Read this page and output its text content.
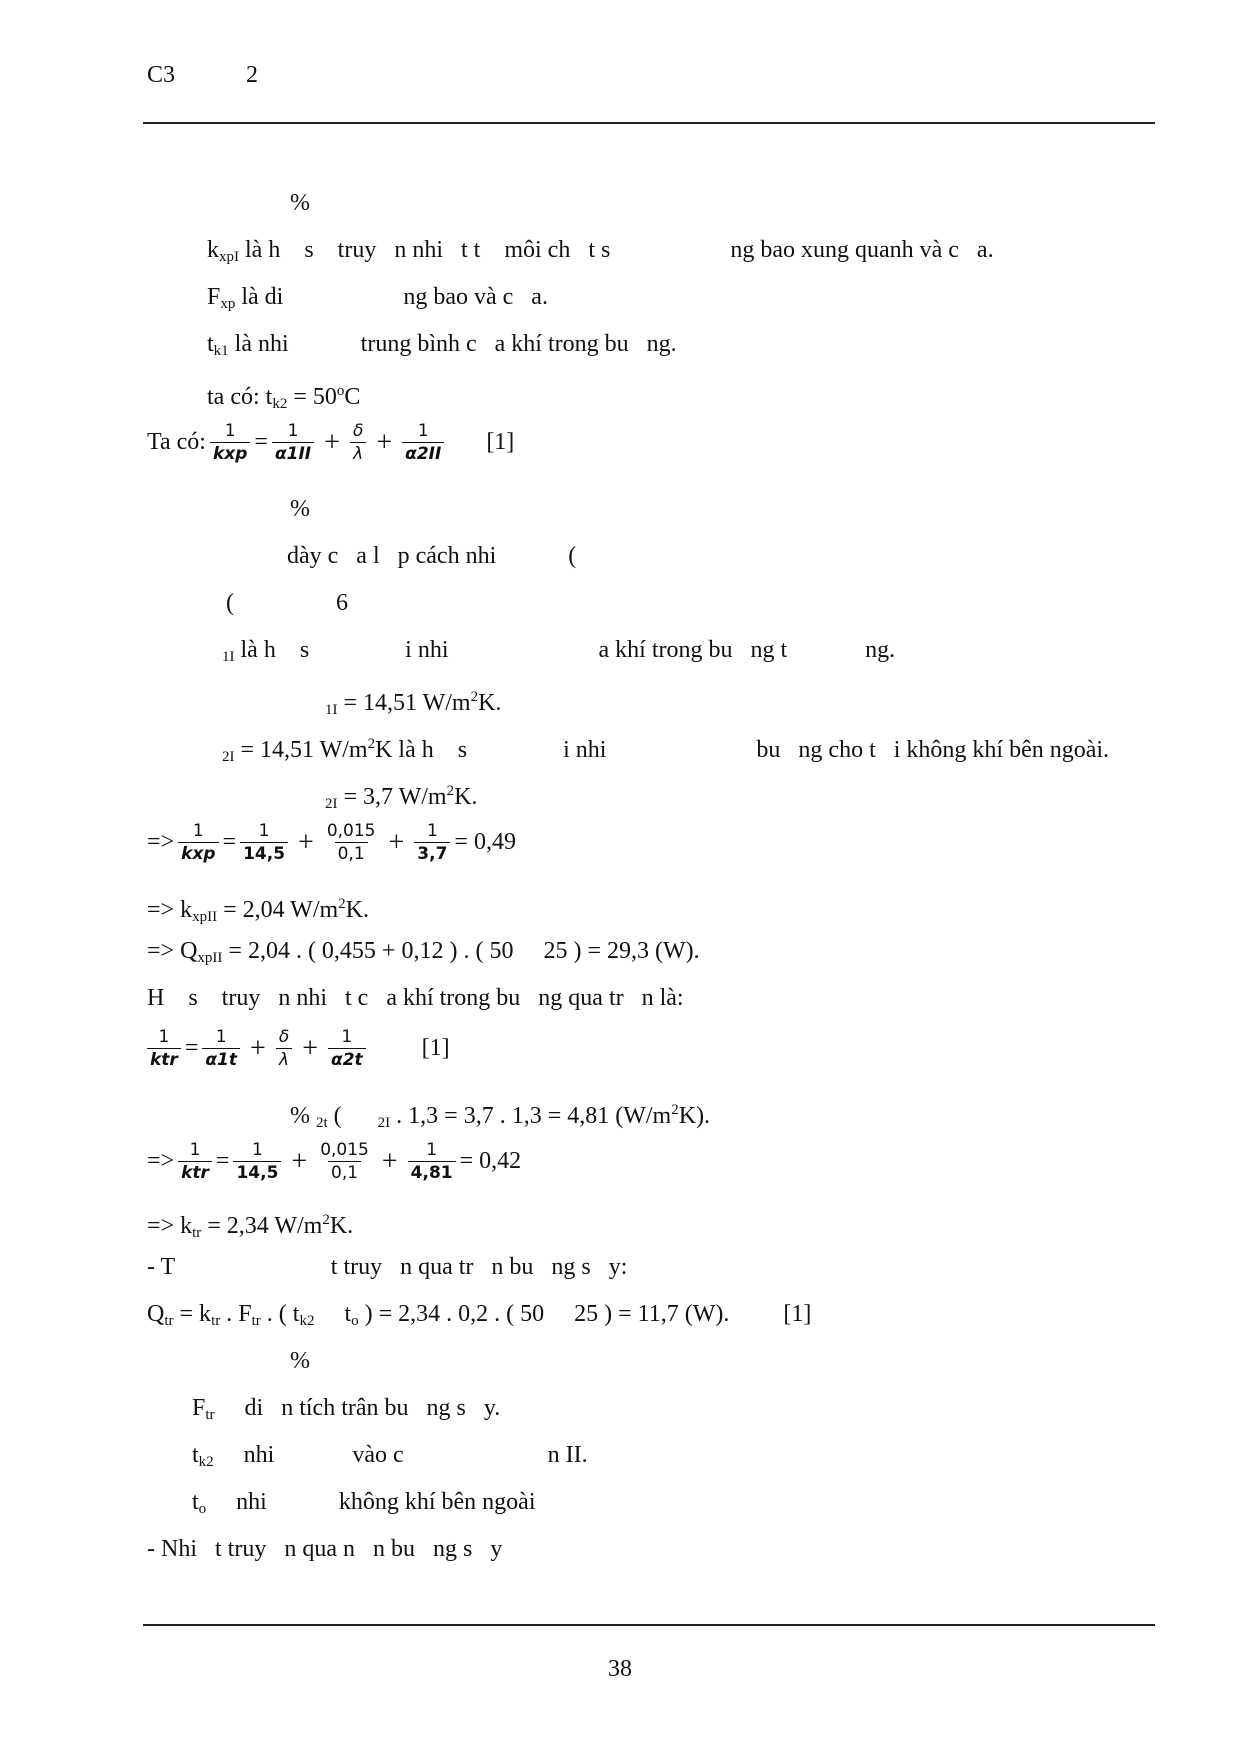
C3	2
%
$k_{xpI}$ là h    s    truy   n nhi   t t    môi ch   t s                    ng bao xung quanh và c   a.
$F_{xp}$ là di                    ng bao và c   a.
$t_{k1}$ là nhi            trung bình c   a khí trong bu   ng.
ta có: $t_{k2} = 50^oC$
Ta có: $\frac{1}{\text{kxp}} = \frac{1}{\alpha 1II} + \frac{\delta}{\lambda} + \frac{1}{\alpha 2II} [1]$
%
dày c   a l   p cách nhi            (
(                 6
$_{1I}$ là h    s                i nhi                         a khí trong bu   ng t             ng.
$_{1I}$ = 14,51 $W/m^2K$.
$_{2I}$ = 14,51 $W/m^2K$ là h    s                i nhi                         bu   ng cho t   i không khí bên ngoài.
$_{2I}$ = 3,7 $W/m^2K$.
=> $\frac{1}{\text{kxp}} = \frac{1}{14,5} + \frac{0,015}{0,1} + \frac{1}{3,7} = 0,49$
=> $k_{xpII} = 2,04$ $W/m^2K$.
=> $Q_{xpII} = 2,04$ . ( 0,455 + 0,12 ) . ( 50     25 ) = 29,3 (W).
H    s    truy   n nhi   t c   a khí trong bu   ng qua tr   n là:
$\frac{1}{\text{ktr}} = \frac{1}{\alpha 1t} + \frac{\delta}{\lambda} + \frac{1}{\alpha 2t} [1]$
% $_{2t}$ (      $_{2I}$ . 1,3 = 3,7 . 1,3 = 4,81 $(W/m^2K)$.
=> $\frac{1}{\text{ktr}} = \frac{1}{14,5} + \frac{0,015}{0,1} + \frac{1}{4,81} = 0,42$
=> $k_{tr} = 2,34$ $W/m^2K$.
- T                          t truy   n qua tr   n bu   ng s   y:
$Q_{tr} = k_{tr}$ . $F_{tr}$ . ( $t_{k2}$     $t_o$ ) = 2,34 . 0,2 . ( 50     25 ) = 11,7 (W).         [1]
%
$F_{tr}$     di   n tích trân bu   ng s   y.
$t_{k2}$     nhi             vào c                        n II.
$t_o$     nhi            không khí bên ngoài
- Nhi   t truy   n qua n   n bu   ng s   y
38
